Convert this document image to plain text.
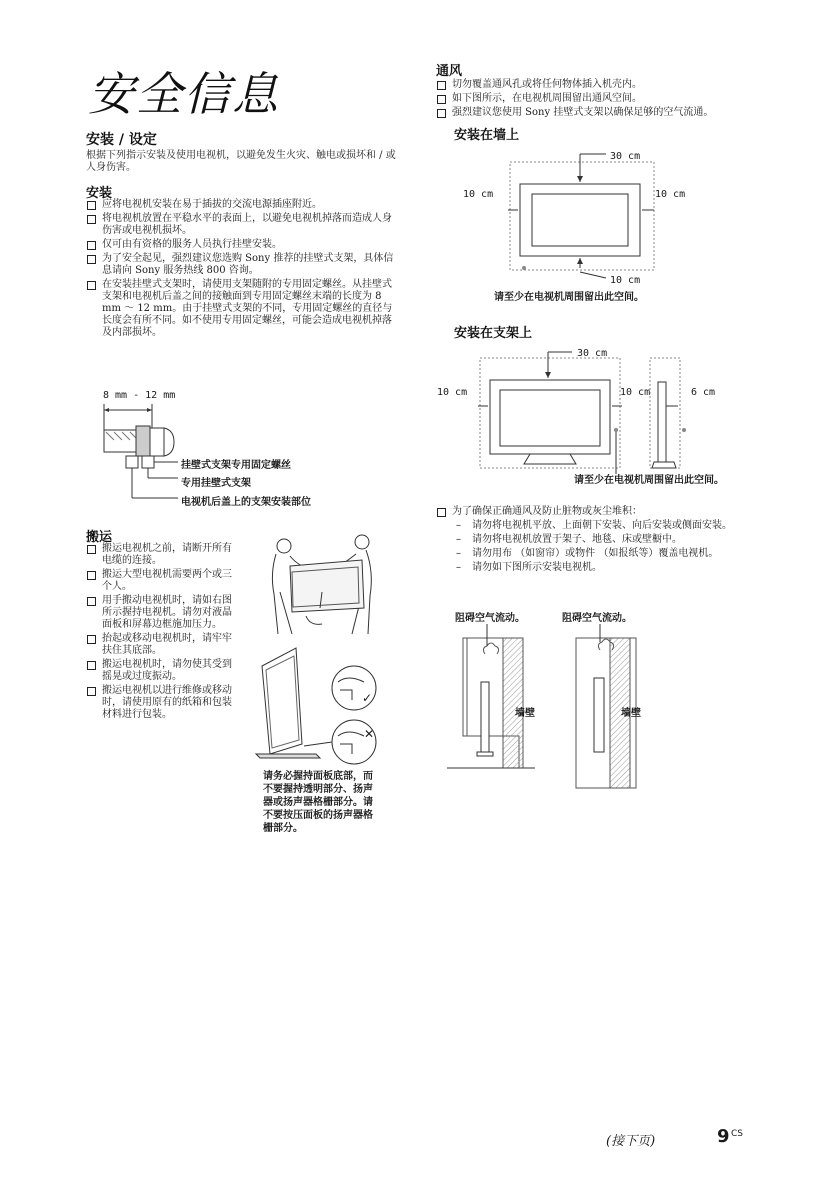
安全信息
安装 / 设定
根据下列指示安装及使用电视机，以避免发生火灾、触电或损坏和 / 或人身伤害。
安装
应将电视机安装在易于插拔的交流电源插座附近。
将电视机放置在平稳水平的表面上，以避免电视机掉落而造成人身伤害或电视机损坏。
仅可由有资格的服务人员执行挂壁安装。
为了安全起见，强烈建议您选购 Sony 推荐的挂壁式支架，具体信息请向 Sony 服务热线 800 咨询。
在安装挂壁式支架时，请使用支架随附的专用固定螺丝。从挂壁式支架和电视机后盖之间的接触面到专用固定螺丝末端的长度为 8 mm ～ 12 mm。由于挂壁式支架的不同，专用固定螺丝的直径与长度会有所不同。如不使用专用固定螺丝，可能会造成电视机掉落及内部损坏。
8 mm - 12 mm
挂壁式支架专用固定螺丝
专用挂壁式支架
电视机后盖上的支架安装部位
搬运
搬运电视机之前，请断开所有电缆的连接。
搬运大型电视机需要两个或三个人。
用手搬动电视机时，请如右图所示握持电视机。请勿对液晶面板和屏幕边框施加压力。
抬起或移动电视机时，请牢牢扶住其底部。
搬运电视机时，请勿使其受到摇晃或过度振动。
搬运电视机以进行维修或移动时，请使用原有的纸箱和包装材料进行包装。
✓
✕
请务必握持面板底部，而不要握持透明部分、扬声器或扬声器格栅部分。请不要按压面板的扬声器格栅部分。
通风
切勿覆盖通风孔或将任何物体插入机壳内。
如下图所示，在电视机周围留出通风空间。
强烈建议您使用 Sony 挂壁式支架以确保足够的空气流通。
安装在墙上
30 cm
10 cm	10 cm
10 cm
请至少在电视机周围留出此空间。
安装在支架上
30 cm
10 cm	10 cm	6 cm
请至少在电视机周围留出此空间。
为了确保正确通风及防止脏物或灰尘堆积：
– 请勿将电视机平放、上面朝下安装、向后安装或侧面安装。
– 请勿将电视机放置于架子、地毯、床或壁橱中。
– 请勿用布 （如窗帘）或物件 （如报纸等）覆盖电视机。
– 请勿如下图所示安装电视机。
阻碍空气流动。	阻碍空气流动。
墙壁	墙壁
(接下页)	9 CS
